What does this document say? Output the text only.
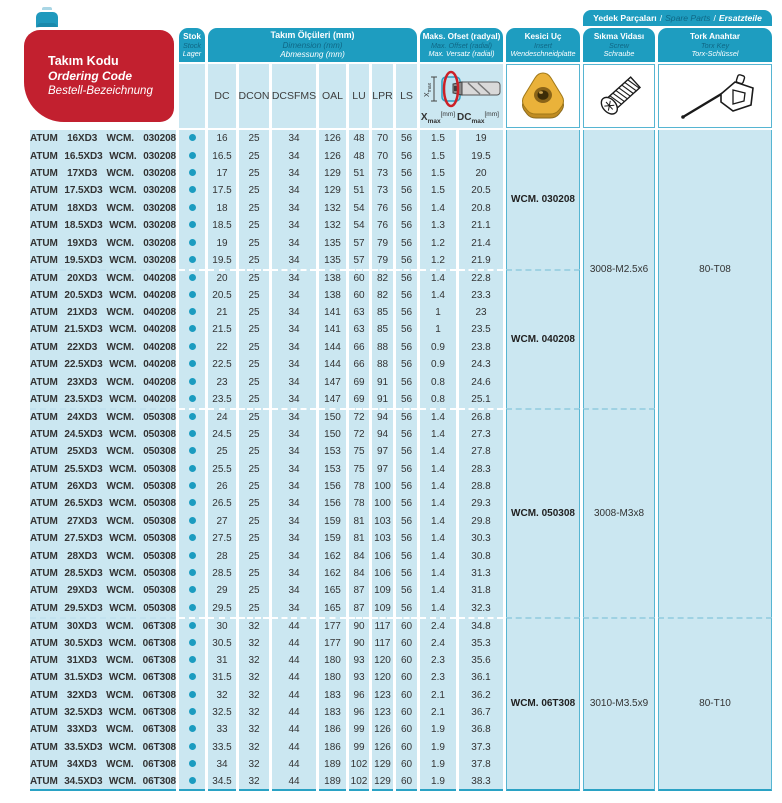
Takım Kodu
Ordering Code
Bestell-Bezeichnung
Yedek Parçaları / Spare Parts / Ersatzteile
Stok
Stock
Lager
Takım Ölçüleri (mm)
Dimension (mm)
Abmessung (mm)
Maks. Ofset (radyal)
Max. Offset (radial)
Max. Versatz (radial)
Kesici Uç
Insert
Wendeschneidplatte
Sıkma Vidası
Screw
Schraube
Tork Anahtar
Torx Key
Torx-Schlüssel
DC DCON DCSFMS OAL LU LPR LS	$X_{max}$
$X_{max}[mm]$ $DC_{max}[mm]$
ATUM 16XD3 WCM. 030208		16	25	34	126	48	70	56	1.5	19	WCM. 030208	3008-M2.5x6	80-T08
ATUM 16.5XD3 WCM. 030208		16.5	25	34	126	48	70	56	1.5	19.5			
ATUM 17XD3 WCM. 030208		17	25	34	129	51	73	56	1.5	20			
ATUM 17.5XD3 WCM. 030208		17.5	25	34	129	51	73	56	1.5	20.5			
ATUM 18XD3 WCM. 030208		18	25	34	132	54	76	56	1.4	20.8			
ATUM 18.5XD3 WCM. 030208		18.5	25	34	132	54	76	56	1.3	21.1			
ATUM 19XD3 WCM. 030208		19	25	34	135	57	79	56	1.2	21.4			
ATUM 19.5XD3 WCM. 030208		19.5	25	34	135	57	79	56	1.2	21.9			
ATUM 20XD3 WCM. 040208		20	25	34	138	60	82	56	1.4	22.8	WCM. 040208		
ATUM 20.5XD3 WCM. 040208		20.5	25	34	138	60	82	56	1.4	23.3			
ATUM 21XD3 WCM. 040208		21	25	34	141	63	85	56	1	23			
ATUM 21.5XD3 WCM. 040208		21.5	25	34	141	63	85	56	1	23.5			
ATUM 22XD3 WCM. 040208		22	25	34	144	66	88	56	0.9	23.8			
ATUM 22.5XD3 WCM. 040208		22.5	25	34	144	66	88	56	0.9	24.3			
ATUM 23XD3 WCM. 040208		23	25	34	147	69	91	56	0.8	24.6			
ATUM 23.5XD3 WCM. 040208		23.5	25	34	147	69	91	56	0.8	25.1			
ATUM 24XD3 WCM. 050308		24	25	34	150	72	94	56	1.4	26.8	WCM. 050308	3008-M3x8	
ATUM 24.5XD3 WCM. 050308		24.5	25	34	150	72	94	56	1.4	27.3			
ATUM 25XD3 WCM. 050308		25	25	34	153	75	97	56	1.4	27.8			
ATUM 25.5XD3 WCM. 050308		25.5	25	34	153	75	97	56	1.4	28.3			
ATUM 26XD3 WCM. 050308		26	25	34	156	78	100	56	1.4	28.8			
ATUM 26.5XD3 WCM. 050308		26.5	25	34	156	78	100	56	1.4	29.3			
ATUM 27XD3 WCM. 050308		27	25	34	159	81	103	56	1.4	29.8			
ATUM 27.5XD3 WCM. 050308		27.5	25	34	159	81	103	56	1.4	30.3			
ATUM 28XD3 WCM. 050308		28	25	34	162	84	106	56	1.4	30.8			
ATUM 28.5XD3 WCM. 050308		28.5	25	34	162	84	106	56	1.4	31.3			
ATUM 29XD3 WCM. 050308		29	25	34	165	87	109	56	1.4	31.8			
ATUM 29.5XD3 WCM. 050308		29.5	25	34	165	87	109	56	1.4	32.3			
ATUM 30XD3 WCM. 06T308		30	32	44	177	90	117	60	2.4	34.8	WCM. 06T308	3010-M3.5x9	80-T10
ATUM 30.5XD3 WCM. 06T308		30.5	32	44	177	90	117	60	2.4	35.3			
ATUM 31XD3 WCM. 06T308		31	32	44	180	93	120	60	2.3	35.6			
ATUM 31.5XD3 WCM. 06T308		31.5	32	44	180	93	120	60	2.3	36.1			
ATUM 32XD3 WCM. 06T308		32	32	44	183	96	123	60	2.1	36.2			
ATUM 32.5XD3 WCM. 06T308		32.5	32	44	183	96	123	60	2.1	36.7			
ATUM 33XD3 WCM. 06T308		33	32	44	186	99	126	60	1.9	36.8			
ATUM 33.5XD3 WCM. 06T308		33.5	32	44	186	99	126	60	1.9	37.3			
ATUM 34XD3 WCM. 06T308		34	32	44	189	102	129	60	1.9	37.8			
ATUM 34.5XD3 WCM. 06T308		34.5	32	44	189	102	129	60	1.9	38.3			
